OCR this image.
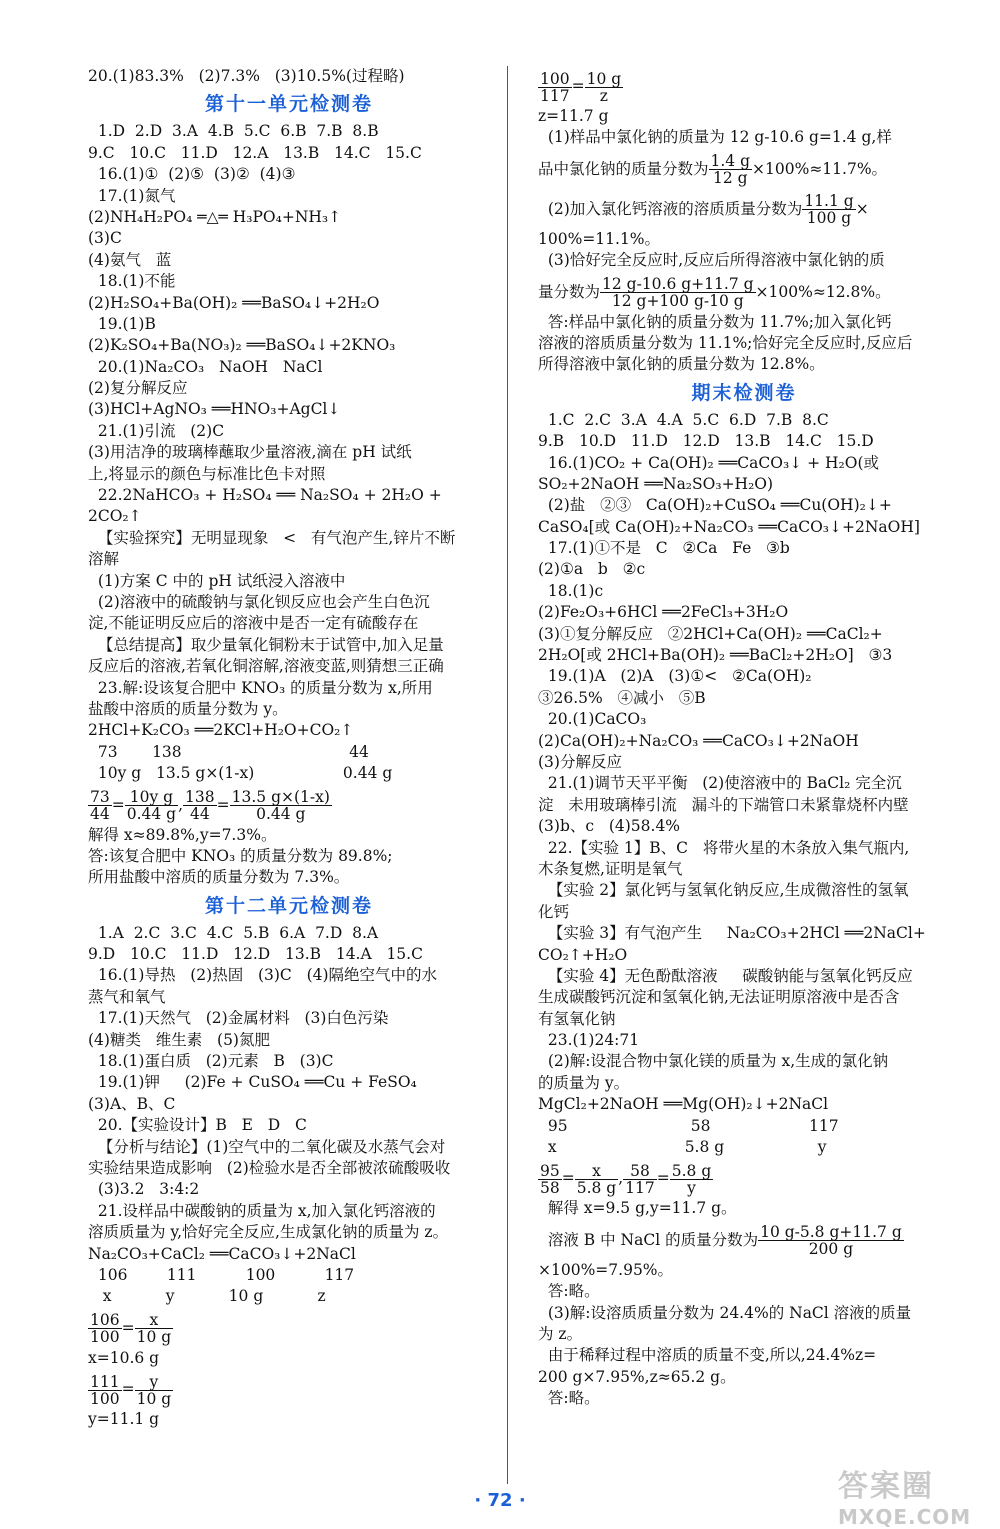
20.(1)83.3%   (2)7.3%   (3)10.5%(过程略)
第十一单元检测卷
1.D  2.D  3.A  4.B  5.C  6.B  7.B  8.B
9.C   10.C   11.D   12.A   13.B   14.C   15.C
16.(1)①  (2)⑤  (3)②  (4)③
17.(1)氮气
(2)NH₄H₂PO₄ ═△═ H₃PO₄+NH₃↑
(3)C
(4)氨气   蓝
18.(1)不能
(2)H₂SO₄+Ba(OH)₂ ══BaSO₄↓+2H₂O
19.(1)B
(2)K₂SO₄+Ba(NO₃)₂ ══BaSO₄↓+2KNO₃
20.(1)Na₂CO₃   NaOH   NaCl
(2)复分解反应
(3)HCl+AgNO₃ ══HNO₃+AgCl↓
21.(1)引流   (2)C
(3)用洁净的玻璃棒蘸取少量溶液,滴在 pH 试纸
上,将显示的颜色与标准比色卡对照
22.2NaHCO₃ + H₂SO₄ ══ Na₂SO₄ + 2H₂O +
2CO₂↑
【实验探究】无明显现象   <   有气泡产生,锌片不断
溶解
(1)方案 C 中的 pH 试纸浸入溶液中
(2)溶液中的硫酸钠与氯化钡反应也会产生白色沉
淀,不能证明反应后的溶液中是否一定有硫酸存在
【总结提高】取少量氧化铜粉末于试管中,加入足量
反应后的溶液,若氧化铜溶解,溶液变蓝,则猜想三正确
23.解:设该复合肥中 KNO₃ 的质量分数为 x,所用
盐酸中溶质的质量分数为 y。
2HCl+K₂CO₃ ══2KCl+H₂O+CO₂↑
73       138                                  44
10y g   13.5 g×(1-x)                  0.44 g
$\frac{73}{44} = \frac{\text{10y g}}{0.44 g}$ , $\frac{138}{44} = \frac{13.5 g\times(1-x)}{0.44 g}$
解得 x≈89.8%,y=7.3%。
答:该复合肥中 KNO₃ 的质量分数为 89.8%;
所用盐酸中溶质的质量分数为 7.3%。
第十二单元检测卷
1.A  2.C  3.C  4.C  5.B  6.A  7.D  8.A
9.D   10.C   11.D   12.D   13.B   14.A   15.C
16.(1)导热   (2)热固   (3)C   (4)隔绝空气中的水
蒸气和氧气
17.(1)天然气   (2)金属材料   (3)白色污染
(4)糖类   维生素   (5)氮肥
18.(1)蛋白质   (2)元素   B   (3)C
19.(1)钾     (2)Fe + CuSO₄ ══Cu + FeSO₄
(3)A、B、C
20.【实验设计】B   E   D   C
【分析与结论】(1)空气中的二氧化碳及水蒸气会对
实验结果造成影响   (2)检验水是否全部被浓硫酸吸收
(3)3.2   3:4:2
21.设样品中碳酸钠的质量为 x,加入氯化钙溶液的
溶质质量为 y,恰好完全反应,生成氯化钠的质量为 z。
Na₂CO₃+CaCl₂ ══CaCO₃↓+2NaCl
106        111          100          117
x           y           10 g           z
$\frac{106}{100} = \frac{x}{10 g}$
x=10.6 g
$\frac{111}{100} = \frac{y}{10 g}$
y=11.1 g
$\frac{100}{117} = \frac{10 g}{z}$
z=11.7 g
(1)样品中氯化钠的质量为 12 g-10.6 g=1.4 g,样
品中氯化钠的质量分数为 $\frac{1.4 g}{12 g} \times 100\%\approx 11.7\%$。
(2)加入氯化钙溶液的溶质质量分数为 $\frac{11.1 g}{100 g}$ ×
100%=11.1%。
(3)恰好完全反应时,反应后所得溶液中氯化钠的质
量分数为 $\frac{12 g-10.6 g+11.7 g}{12 g+100 g-10 g} \times 100\%\approx 12.8\%$。
答:样品中氯化钠的质量分数为 11.7%;加入氯化钙
溶液的溶质质量分数为 11.1%;恰好完全反应时,反应后
所得溶液中氯化钠的质量分数为 12.8%。
期末检测卷
1.C  2.C  3.A  4.A  5.C  6.D  7.B  8.C
9.B   10.D   11.D   12.D   13.B   14.C   15.D
16.(1)CO₂ + Ca(OH)₂ ══CaCO₃↓ + H₂O(或
SO₂+2NaOH ══Na₂SO₃+H₂O)
(2)盐   ②③   Ca(OH)₂+CuSO₄ ══Cu(OH)₂↓+
CaSO₄[或 Ca(OH)₂+Na₂CO₃ ══CaCO₃↓+2NaOH]
17.(1)①不是   C   ②Ca   Fe   ③b
(2)①a   b   ②c
18.(1)c
(2)Fe₂O₃+6HCl ══2FeCl₃+3H₂O
(3)①复分解反应   ②2HCl+Ca(OH)₂ ══CaCl₂+
2H₂O[或 2HCl+Ba(OH)₂ ══BaCl₂+2H₂O]   ③3
19.(1)A   (2)A   (3)①<   ②Ca(OH)₂
③26.5%   ④减小   ⑤B
20.(1)CaCO₃
(2)Ca(OH)₂+Na₂CO₃ ══CaCO₃↓+2NaOH
(3)分解反应
21.(1)调节天平平衡   (2)使溶液中的 BaCl₂ 完全沉
淀   未用玻璃棒引流   漏斗的下端管口未紧靠烧杯内壁
(3)b、c   (4)58.4%
22.【实验 1】B、C   将带火星的木条放入集气瓶内,
木条复燃,证明是氧气
【实验 2】氯化钙与氢氧化钠反应,生成微溶性的氢氧
化钙
【实验 3】有气泡产生     Na₂CO₃+2HCl ══2NaCl+
CO₂↑+H₂O
【实验 4】无色酚酞溶液     碳酸钠能与氢氧化钙反应
生成碳酸钙沉淀和氢氧化钠,无法证明原溶液中是否含
有氢氧化钠
23.(1)24:71
(2)解:设混合物中氯化镁的质量为 x,生成的氯化钠
的质量为 y。
MgCl₂+2NaOH ══Mg(OH)₂↓+2NaCl
95                         58                    117
x                          5.8 g                   y
$\frac{95}{58} = \frac{x}{5.8 g}$ , $\frac{58}{117} = \frac{5.8 g}{y}$
解得 x=9.5 g,y=11.7 g。
溶液 B 中 NaCl 的质量分数为 $\frac{10 g-5.8 g+11.7 g}{200 g}$
×100%=7.95%。
答:略。
(3)解:设溶质质量分数为 24.4%的 NaCl 溶液的质量
为 z。
由于稀释过程中溶质的质量不变,所以,24.4%z=
200 g×7.95%,z≈65.2 g。
答:略。
· 72 ·	答案圈
MXQE.COM
